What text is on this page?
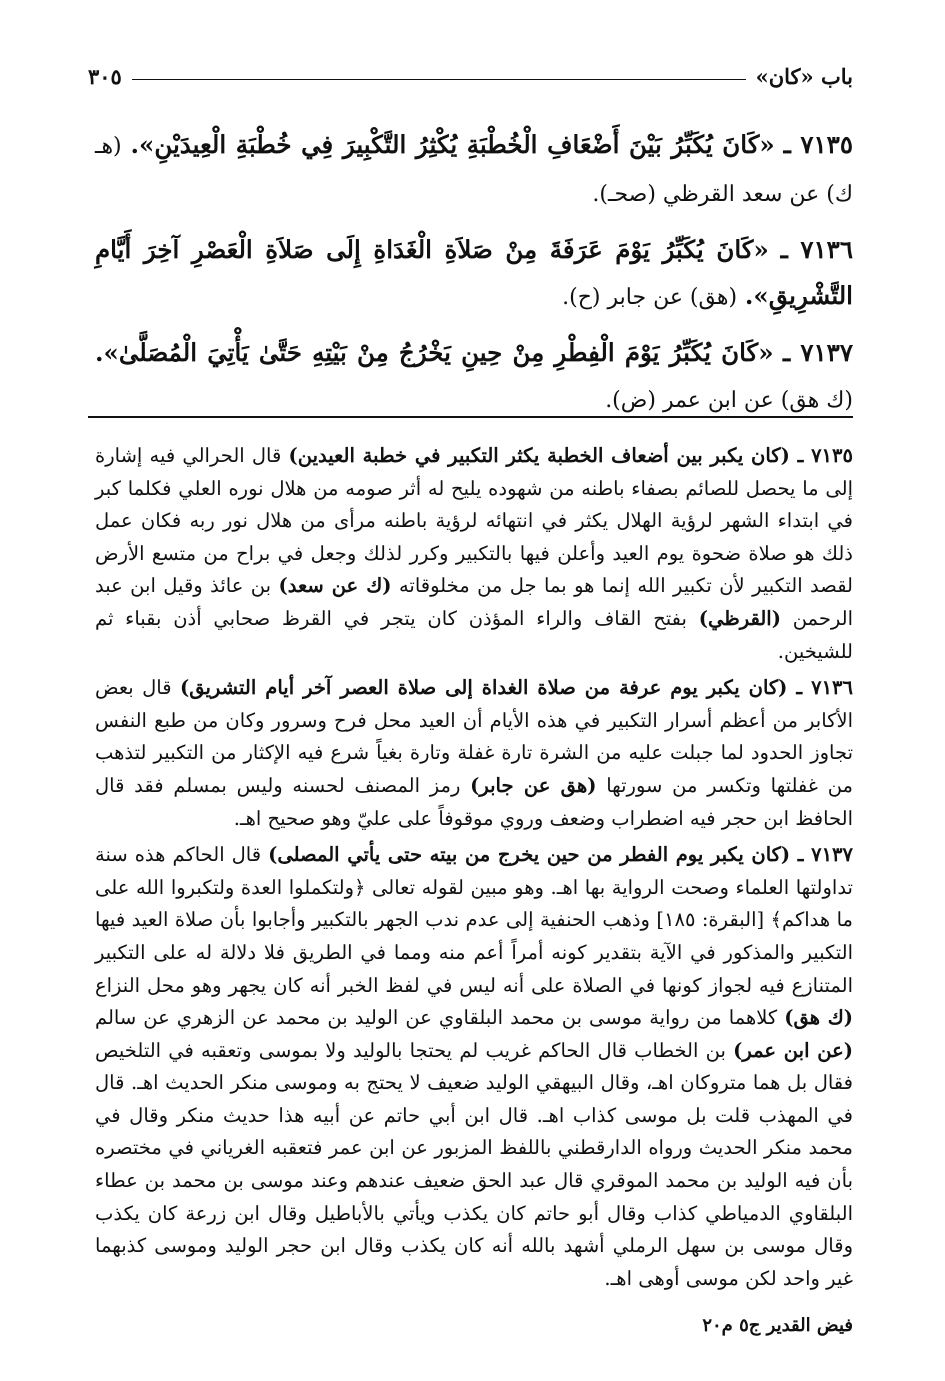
باب «كان»
٣٠٥

٧١٣٥ ـ «كَانَ يُكَبِّرُ بَيْنَ أَضْعَافِ الْخُطْبَةِ يُكْثِرُ التَّكْبِيرَ فِي خُطْبَةِ الْعِيدَيْنِ». (هـ ك) عن سعد القرظي (صحـ).

٧١٣٦ ـ «كَانَ يُكَبِّرُ يَوْمَ عَرَفَةَ مِنْ صَلاَةِ الْغَدَاةِ إِلَى صَلاَةِ الْعَصْرِ آخِرَ أَيَّامِ التَّشْرِيقِ». (هق) عن جابر (ح).

٧١٣٧ ـ «كَانَ يُكَبِّرُ يَوْمَ الْفِطْرِ مِنْ حِينِ يَخْرُجُ مِنْ بَيْتِهِ حَتَّىٰ يَأْتِيَ الْمُصَلَّىٰ». (ك هق) عن ابن عمر (ض).

٧١٣٥ ـ (كان يكبر بين أضعاف الخطبة يكثر التكبير في خطبة العيدين) قال الحرالي فيه إشارة إلى ما يحصل للصائم بصفاء باطنه من شهوده يليح له أثر صومه من هلال نوره العلي فكلما كبر في ابتداء الشهر لرؤية الهلال يكثر في انتهائه لرؤية باطنه مرأى من هلال نور ربه فكان عمل ذلك هو صلاة ضحوة يوم العيد وأعلن فيها بالتكبير وكرر لذلك وجعل في براح من متسع الأرض لقصد التكبير لأن تكبير الله إنما هو بما جل من مخلوقاته (ك عن سعد) بن عائذ وقيل ابن عبد الرحمن (القرظي) بفتح القاف والراء المؤذن كان يتجر في القرظ صحابي أذن بقباء ثم للشيخين.

٧١٣٦ ـ (كان يكبر يوم عرفة من صلاة الغداة إلى صلاة العصر آخر أيام التشريق) قال بعض الأكابر من أعظم أسرار التكبير في هذه الأيام أن العيد محل فرح وسرور وكان من طبع النفس تجاوز الحدود لما جبلت عليه من الشرة تارة غفلة وتارة بغياً شرع فيه الإكثار من التكبير لتذهب من غفلتها وتكسر من سورتها (هق عن جابر) رمز المصنف لحسنه وليس بمسلم فقد قال الحافظ ابن حجر فيه اضطراب وضعف وروي موقوفاً على عليّ وهو صحيح اهـ.

٧١٣٧ ـ (كان يكبر يوم الفطر من حين يخرج من بيته حتى يأتي المصلى) قال الحاكم هذه سنة تداولتها العلماء وصحت الرواية بها اهـ. وهو مبين لقوله تعالى ﴿ولتكملوا العدة ولتكبروا الله على ما هداكم﴾ [البقرة: ١٨٥] وذهب الحنفية إلى عدم ندب الجهر بالتكبير وأجابوا بأن صلاة العيد فيها التكبير والمذكور في الآية بتقدير كونه أمراً أعم منه ومما في الطريق فلا دلالة له على التكبير المتنازع فيه لجواز كونها في الصلاة على أنه ليس في لفظ الخبر أنه كان يجهر وهو محل النزاع (ك هق) كلاهما من رواية موسى بن محمد البلقاوي عن الوليد بن محمد عن الزهري عن سالم (عن ابن عمر) بن الخطاب قال الحاكم غريب لم يحتجا بالوليد ولا بموسى وتعقبه في التلخيص فقال بل هما متروكان اهـ، وقال البيهقي الوليد ضعيف لا يحتج به وموسى منكر الحديث اهـ. قال في المهذب قلت بل موسى كذاب اهـ. قال ابن أبي حاتم عن أبيه هذا حديث منكر وقال في محمد منكر الحديث ورواه الدارقطني باللفظ المزبور عن ابن عمر فتعقبه الغرياني في مختصره بأن فيه الوليد بن محمد الموقري قال عبد الحق ضعيف عندهم وعند موسى بن محمد بن عطاء البلقاوي الدمياطي كذاب وقال أبو حاتم كان يكذب ويأتي بالأباطيل وقال ابن زرعة كان يكذب وقال موسى بن سهل الرملي أشهد بالله أنه كان يكذب وقال ابن حجر الوليد وموسى كذبهما غير واحد لكن موسى أوهى اهـ.

فيض القدير ج٥ م٢٠
